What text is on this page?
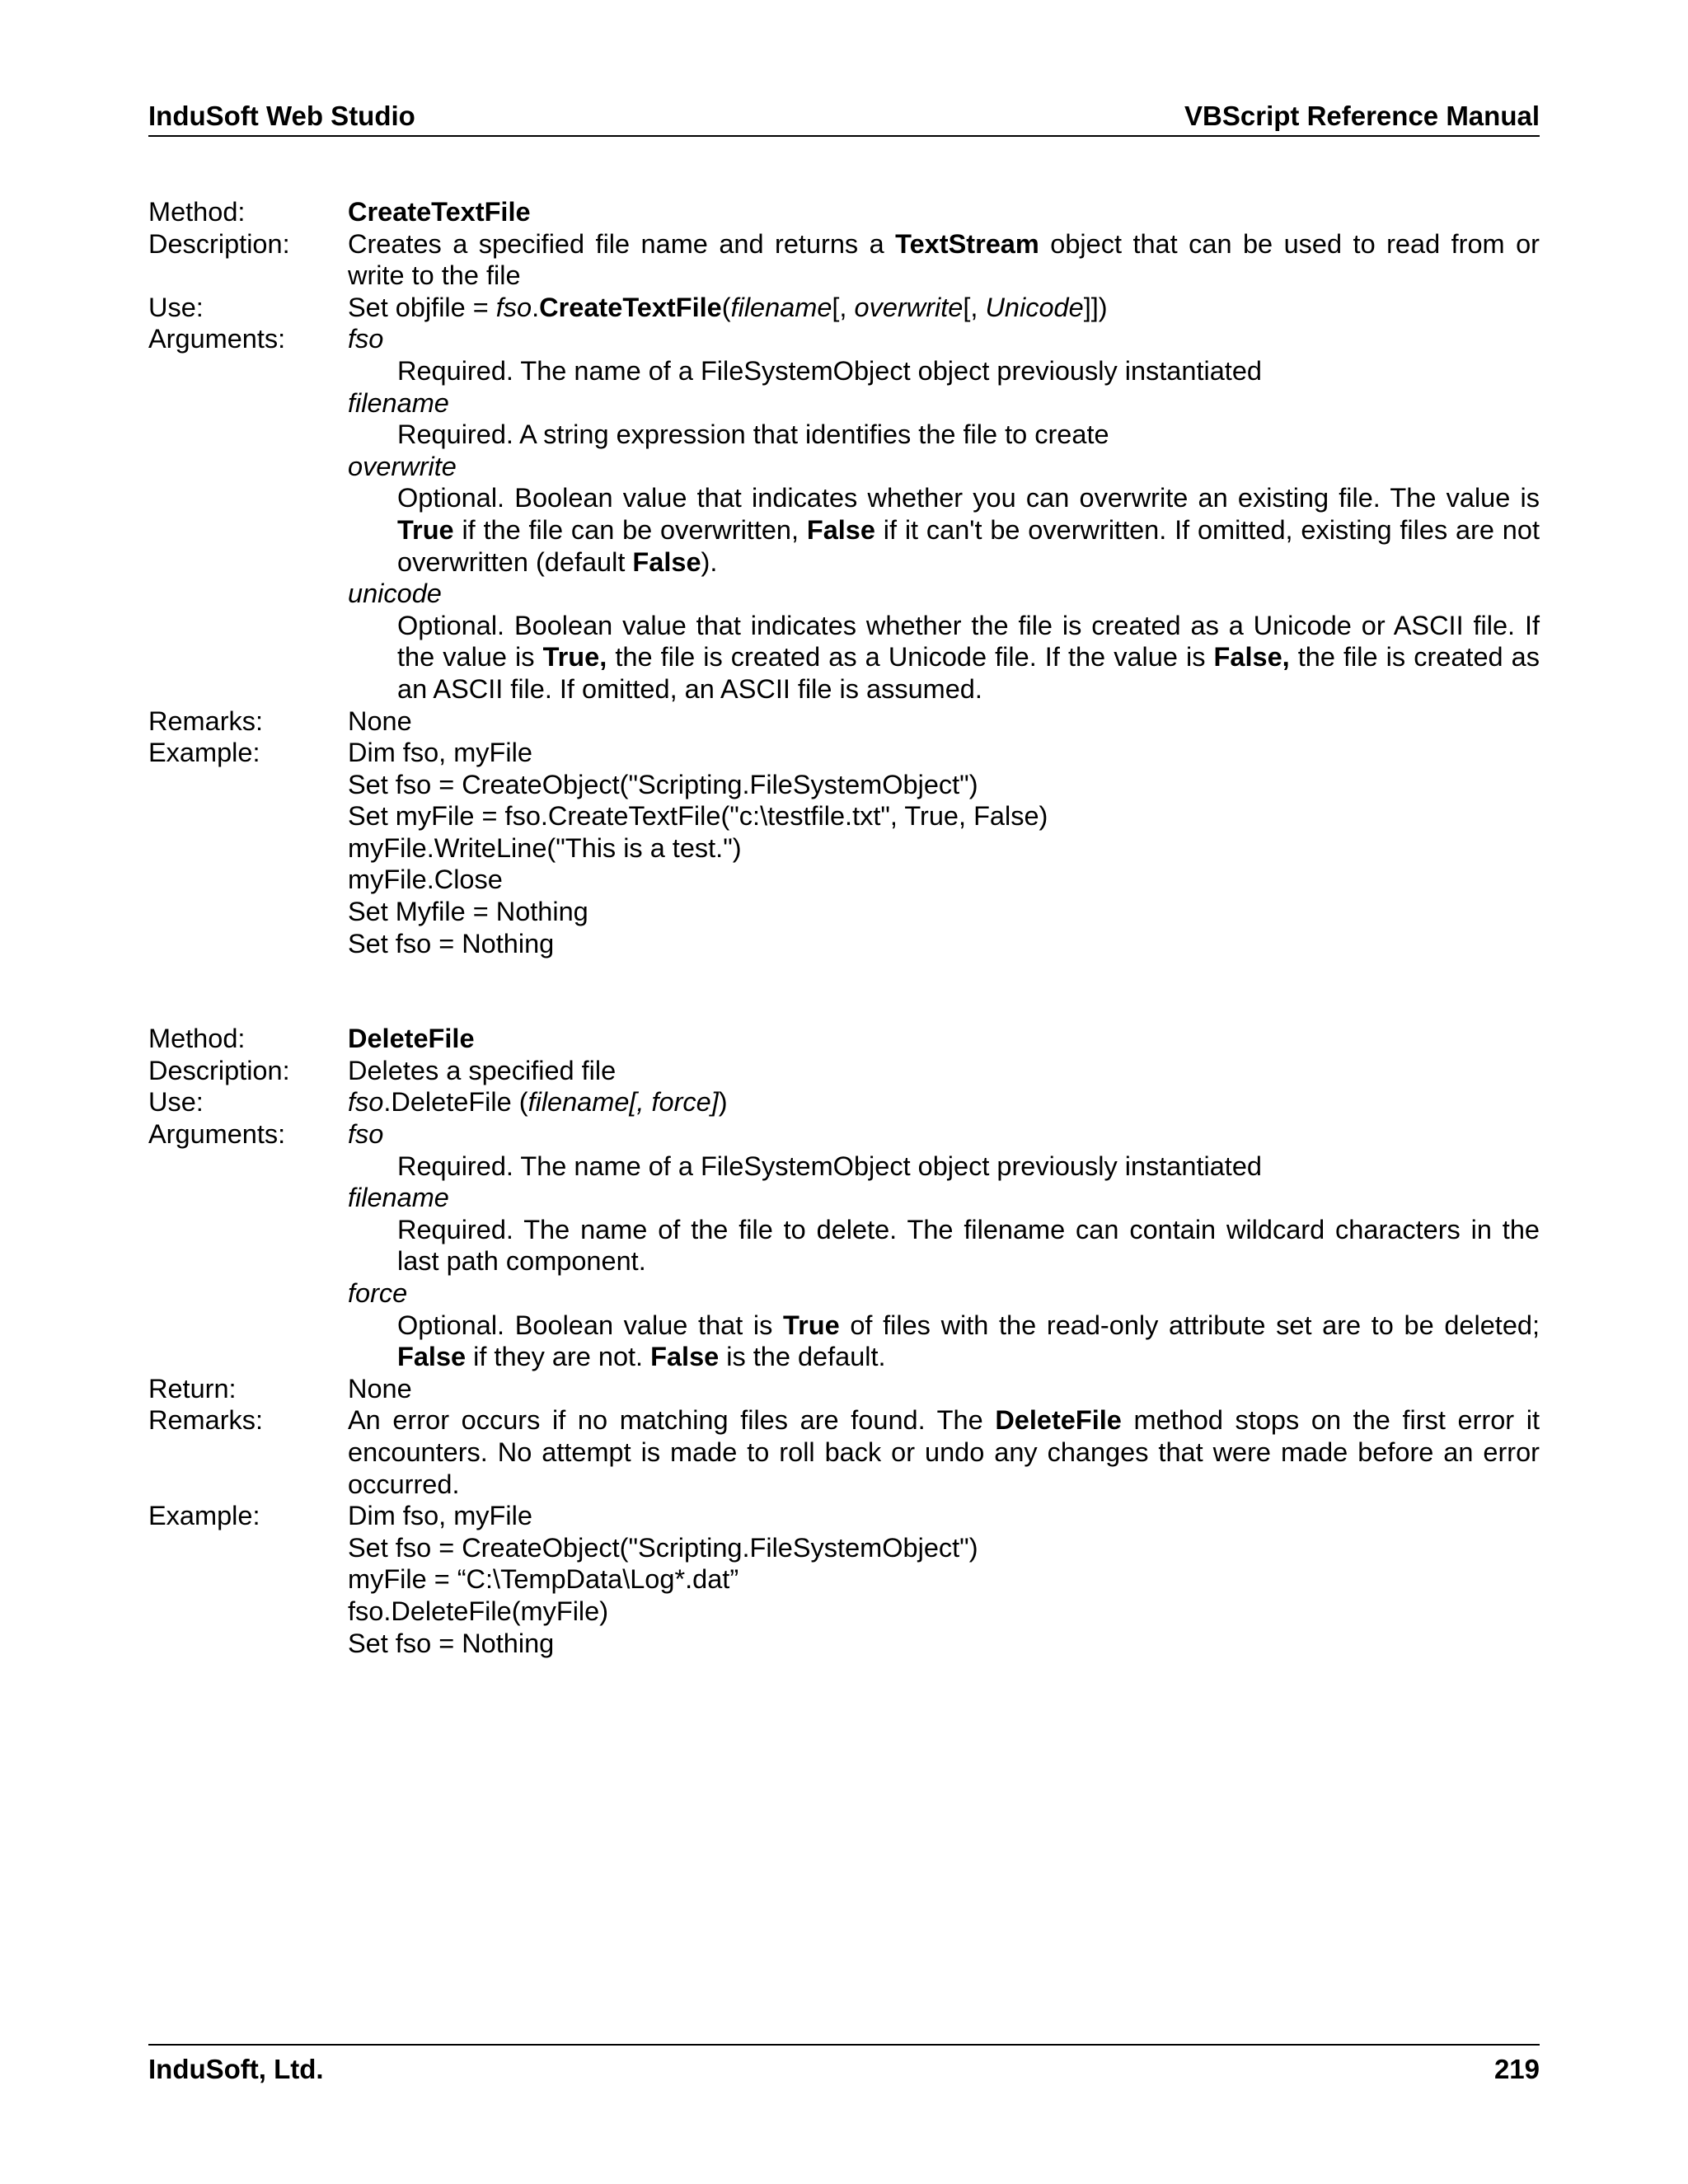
InduSoft Web Studio	VBScript Reference Manual
Method:	CreateTextFile
Description:	Creates a specified file name and returns a TextStream object that can be used to read from or write to the file
Use:	Set objfile = fso.CreateTextFile(filename[, overwrite[, Unicode]])
Arguments:	fso
Required. The name of a FileSystemObject object previously instantiated
filename
Required. A string expression that identifies the file to create
overwrite
Optional. Boolean value that indicates whether you can overwrite an existing file. The value is True if the file can be overwritten, False if it can't be overwritten. If omitted, existing files are not overwritten (default False).
unicode
Optional. Boolean value that indicates whether the file is created as a Unicode or ASCII file. If the value is True, the file is created as a Unicode file. If the value is False, the file is created as an ASCII file. If omitted, an ASCII file is assumed.
Remarks:	None
Example:	Dim fso, myFile
Set fso = CreateObject("Scripting.FileSystemObject")
Set myFile = fso.CreateTextFile("c:\testfile.txt", True, False)
myFile.WriteLine("This is a test.")
myFile.Close
Set Myfile = Nothing
Set fso = Nothing
Method:	DeleteFile
Description:	Deletes a specified file
Use:	fso.DeleteFile (filename[, force])
Arguments:	fso
Required. The name of a FileSystemObject object previously instantiated
filename
Required. The name of the file to delete. The filename can contain wildcard characters in the last path component.
force
Optional. Boolean value that is True of files with the read-only attribute set are to be deleted; False if they are not. False is the default.
Return:	None
Remarks:	An error occurs if no matching files are found. The DeleteFile method stops on the first error it encounters. No attempt is made to roll back or undo any changes that were made before an error occurred.
Example:	Dim fso, myFile
Set fso = CreateObject("Scripting.FileSystemObject")
myFile = “C:\TempData\Log*.dat”
fso.DeleteFile(myFile)
Set fso = Nothing
InduSoft, Ltd.	219
